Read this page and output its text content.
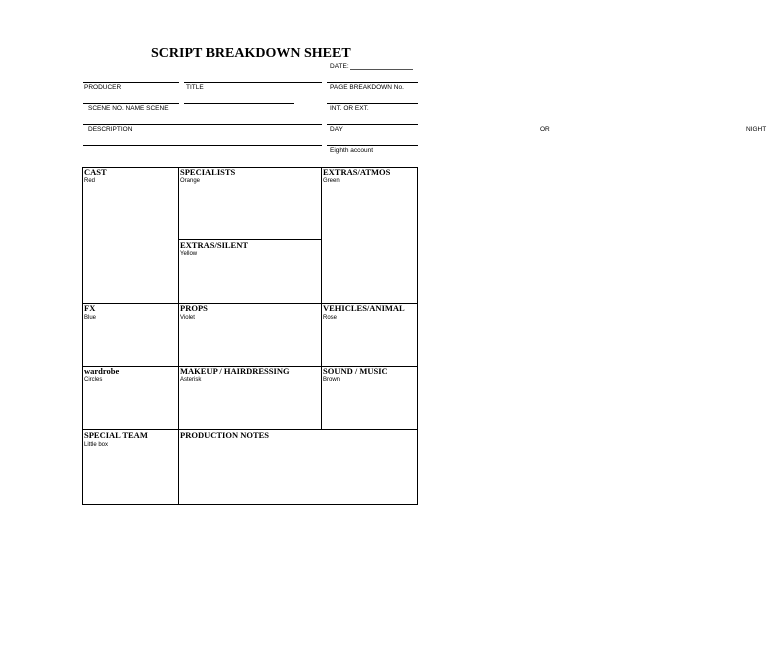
SCRIPT BREAKDOWN SHEET
DATE:
PRODUCER	TITLE	PAGE BREAKDOWN No.
SCENE NO. NAME SCENE	INT. OR EXT.
DESCRIPTION	DAY	OR	NIGHT
Eighth account
CAST
Red
SPECIALISTS
Orange
EXTRAS/ATMOS
Green
EXTRAS/SILENT
Yellow
FX
Blue
PROPS
Violet
VEHICLES/ANIMAL
Rose
wardrobe
Circles
MAKEUP / HAIRDRESSING
Asterisk
SOUND / MUSIC
Brown
SPECIAL TEAM
Little box
PRODUCTION NOTES
